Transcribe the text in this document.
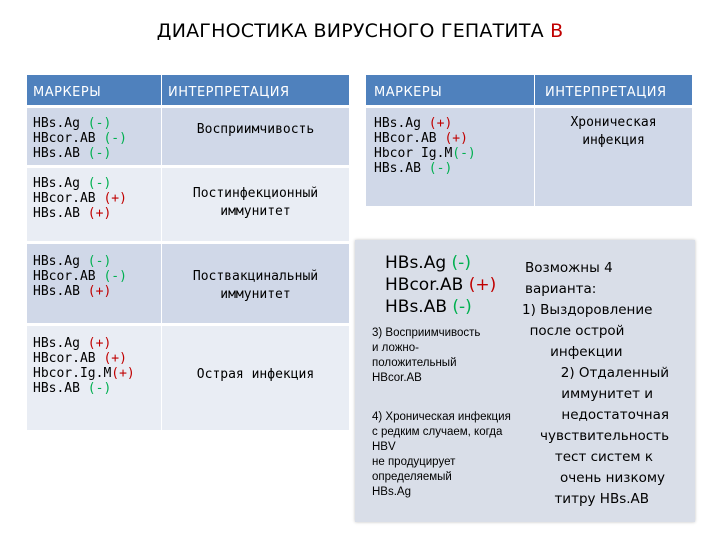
ДИАГНОСТИКА ВИРУСНОГО ГЕПАТИТА B
МАРКЕРЫ	ИНТЕРПРЕТАЦИЯ

HBs.Ag (-)
HBcor.AB (-)
HBs.AB (-)	Восприимчивость

HBs.Ag (-)
HBcor.AB (+)
HBs.AB (+)	Постинфекционный
иммунитет

HBs.Ag (-)
HBcor.AB (-)
HBs.AB (+)	Поствакцинальный
иммунитет

HBs.Ag (+)
HBcor.AB (+)
Hbcor.Ig.M(+)
HBs.AB (-)	Острая инфекция
МАРКЕРЫ	ИНТЕРПРЕТАЦИЯ

HBs.Ag (+)
HBcor.AB (+)
Hbcor Ig.M(-)
HBs.AB (-)	Хроническая
инфекция
HBs.Ag (-)
HBcor.AB (+)
HBs.AB (-)
3) Восприимчивость
и ложно-
положительный
HBcor.AB
4) Хроническая инфекция
с редким случаем, когда
HBV
не продуцирует
определяемый
HBs.Ag
Возможны 4
варианта:
1) Выздоровление
после острой
инфекции
2) Отдаленный
иммунитет и
недостаточная
чувствительность
тест систем к
очень низкому
титру HBs.AB
